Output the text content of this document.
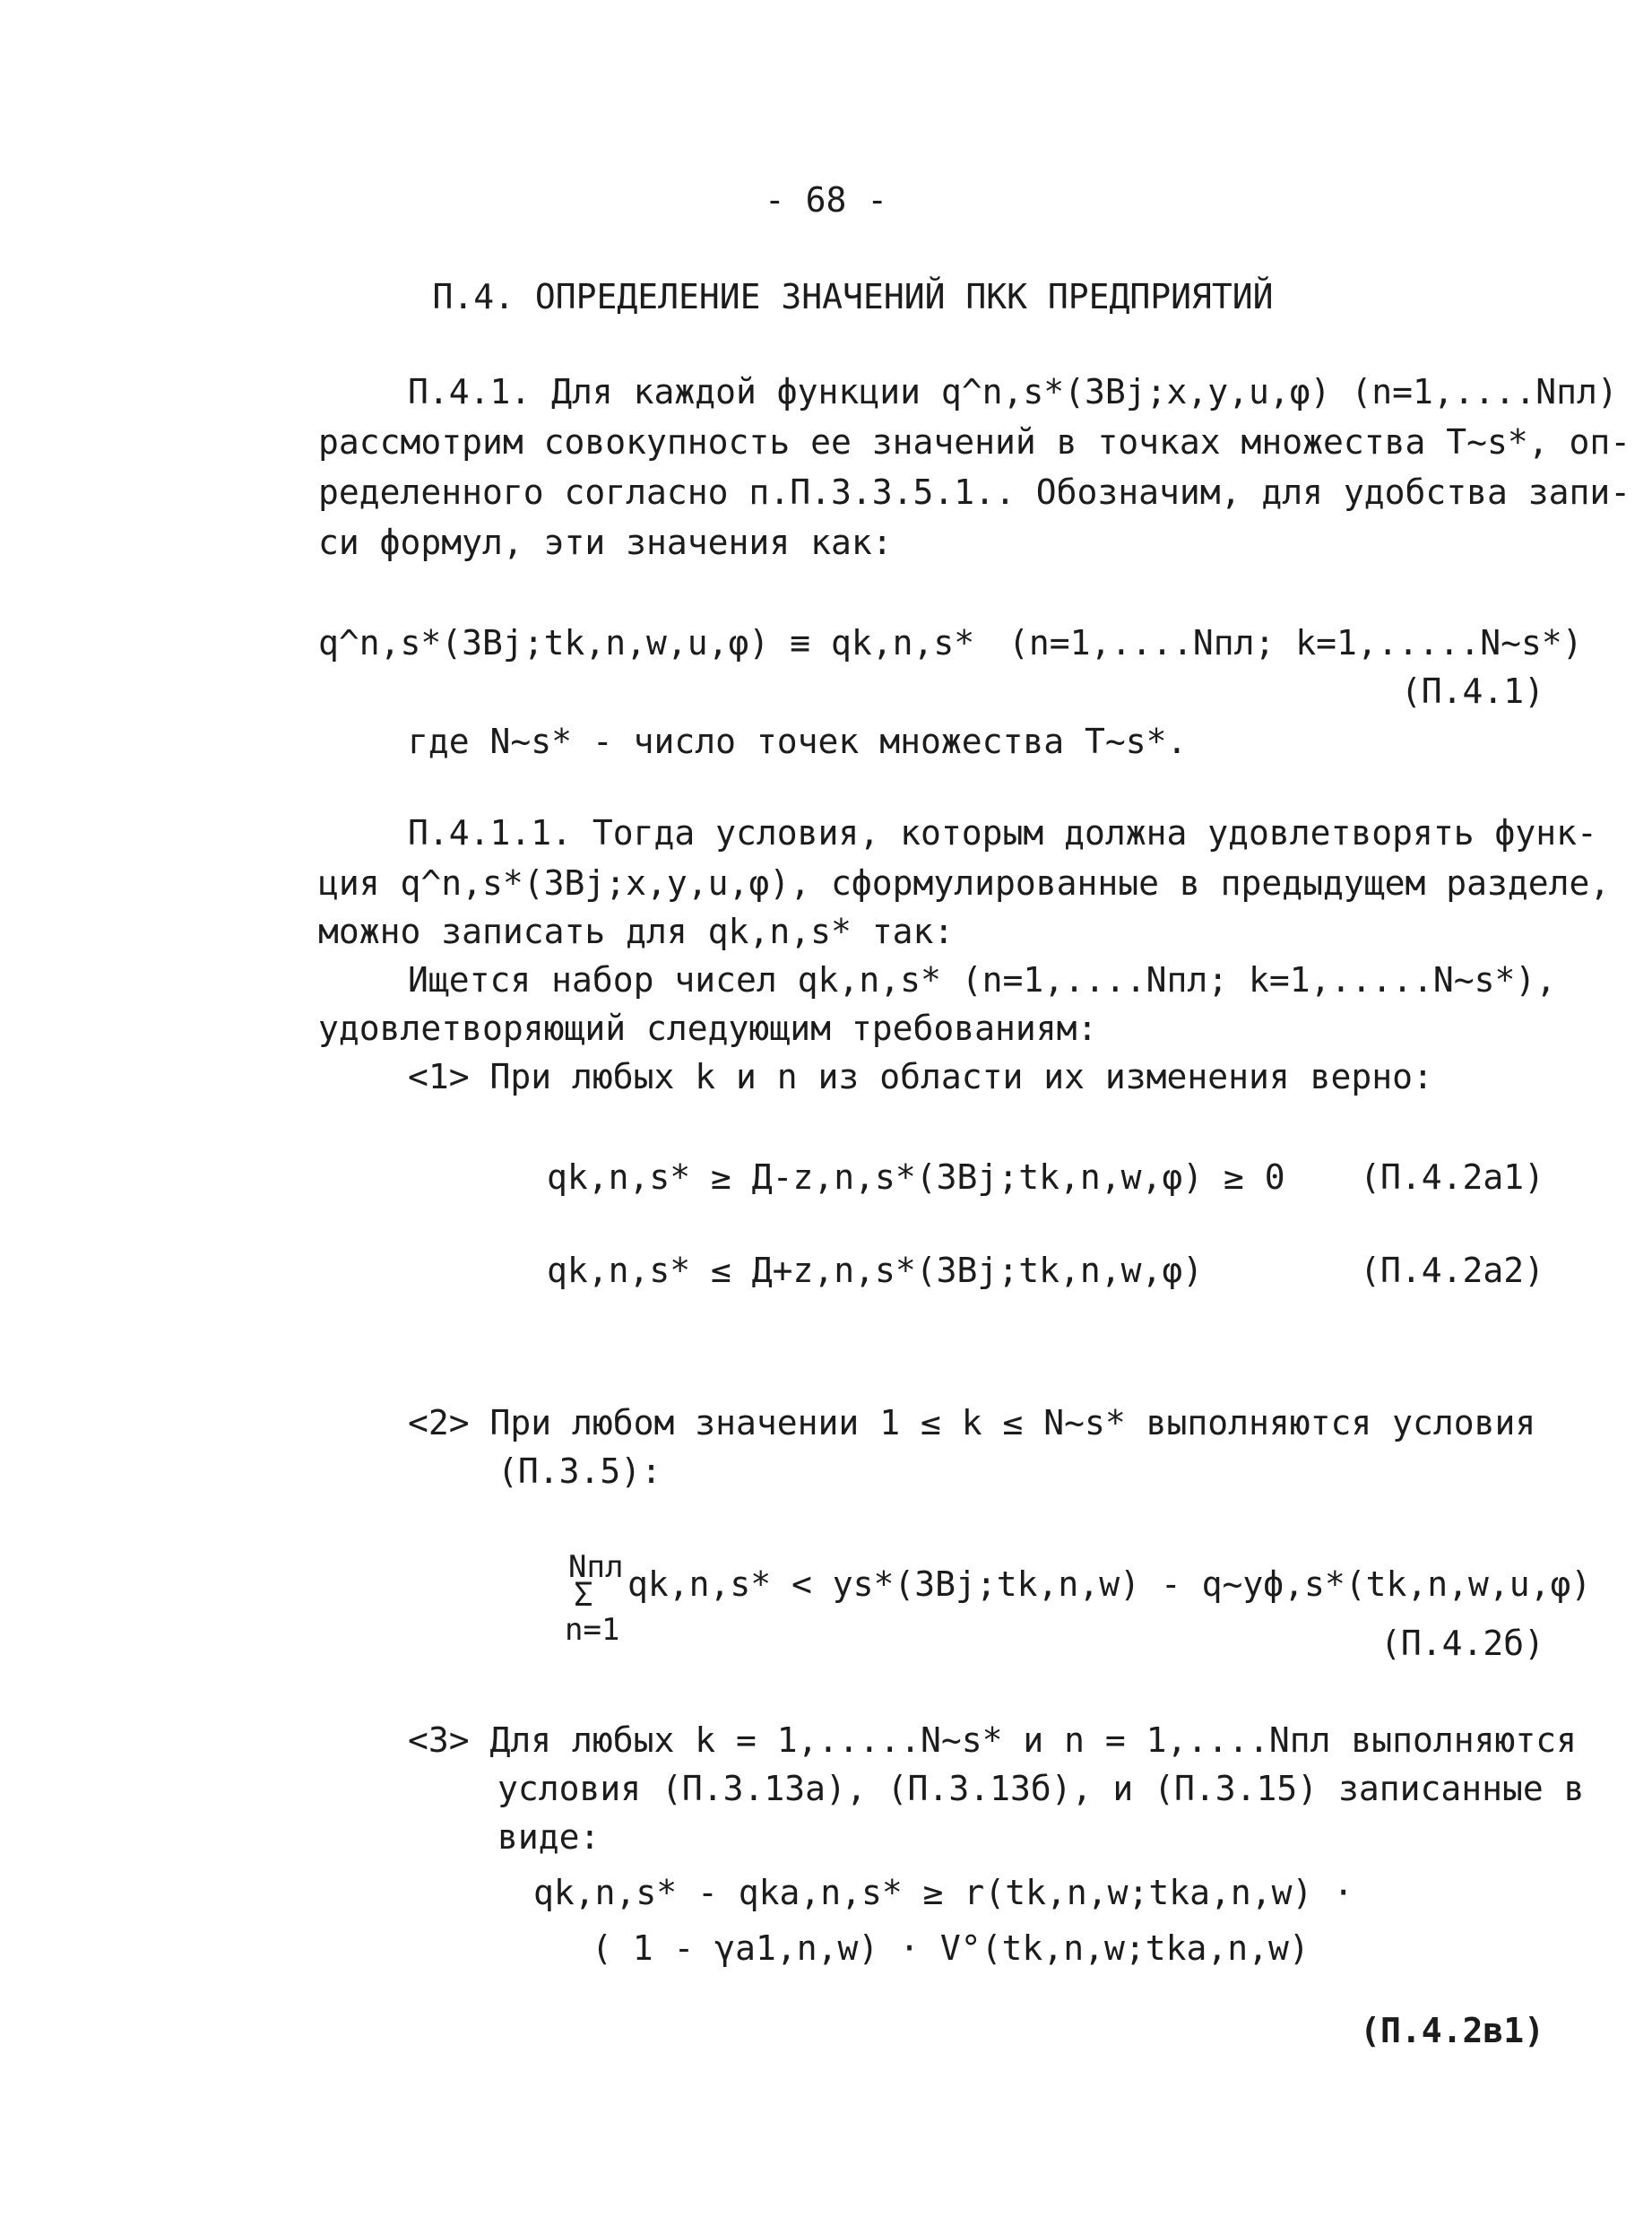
- 68 -
П.4. ОПРЕДЕЛЕНИЕ ЗНАЧЕНИЙ ПКК ПРЕДПРИЯТИЙ
П.4.1. Для каждой функции q^n,s*(ЗВj;x,y,u,φ) (n=1,....Nпл)
рассмотрим совокупность ее значений в точках множества T~s*, оп-
ределенного согласно п.П.3.3.5.1.. Обозначим, для удобства запи-
си формул, эти значения как:
q^n,s*(ЗВj;tk,n,w,u,φ) ≡ qk,n,s* (n=1,....Nпл; k=1,.....N~s*)
(П.4.1)
где N~s* - число точек множества T~s*.
П.4.1.1. Тогда условия, которым должна удовлетворять функ-
ция q^n,s*(ЗВj;x,y,u,φ), сформулированные в предыдущем разделе,
можно записать для qk,n,s* так:
Ищется набор чисел qk,n,s* (n=1,....Nпл; k=1,.....N~s*),
удовлетворяющий следующим требованиям:
<1> При любых k и n из области их изменения верно:
qk,n,s* ≥ Д-z,n,s*(ЗВj;tk,n,w,φ) ≥ 0 (П.4.2а1)
qk,n,s* ≤ Д+z,n,s*(ЗВj;tk,n,w,φ)	(П.4.2а2)
<2> При любом значении 1 ≤ k ≤ N~s* выполняются условия
(П.3.5):
Nпл
Σ
n=1
qk,n,s* < ys*(ЗВj;tk,n,w) - q~уф,s*(tk,n,w,u,φ)
(П.4.2б)
<3> Для любых k = 1,.....N~s* и n = 1,....Nпл выполняются
условия (П.3.13а), (П.3.13б), и (П.3.15) записанные в
виде:
qk,n,s* - qka,n,s* ≥ r(tk,n,w;tka,n,w) ·
( 1 - γa1,n,w) · V°(tk,n,w;tka,n,w)
(П.4.2в1)
